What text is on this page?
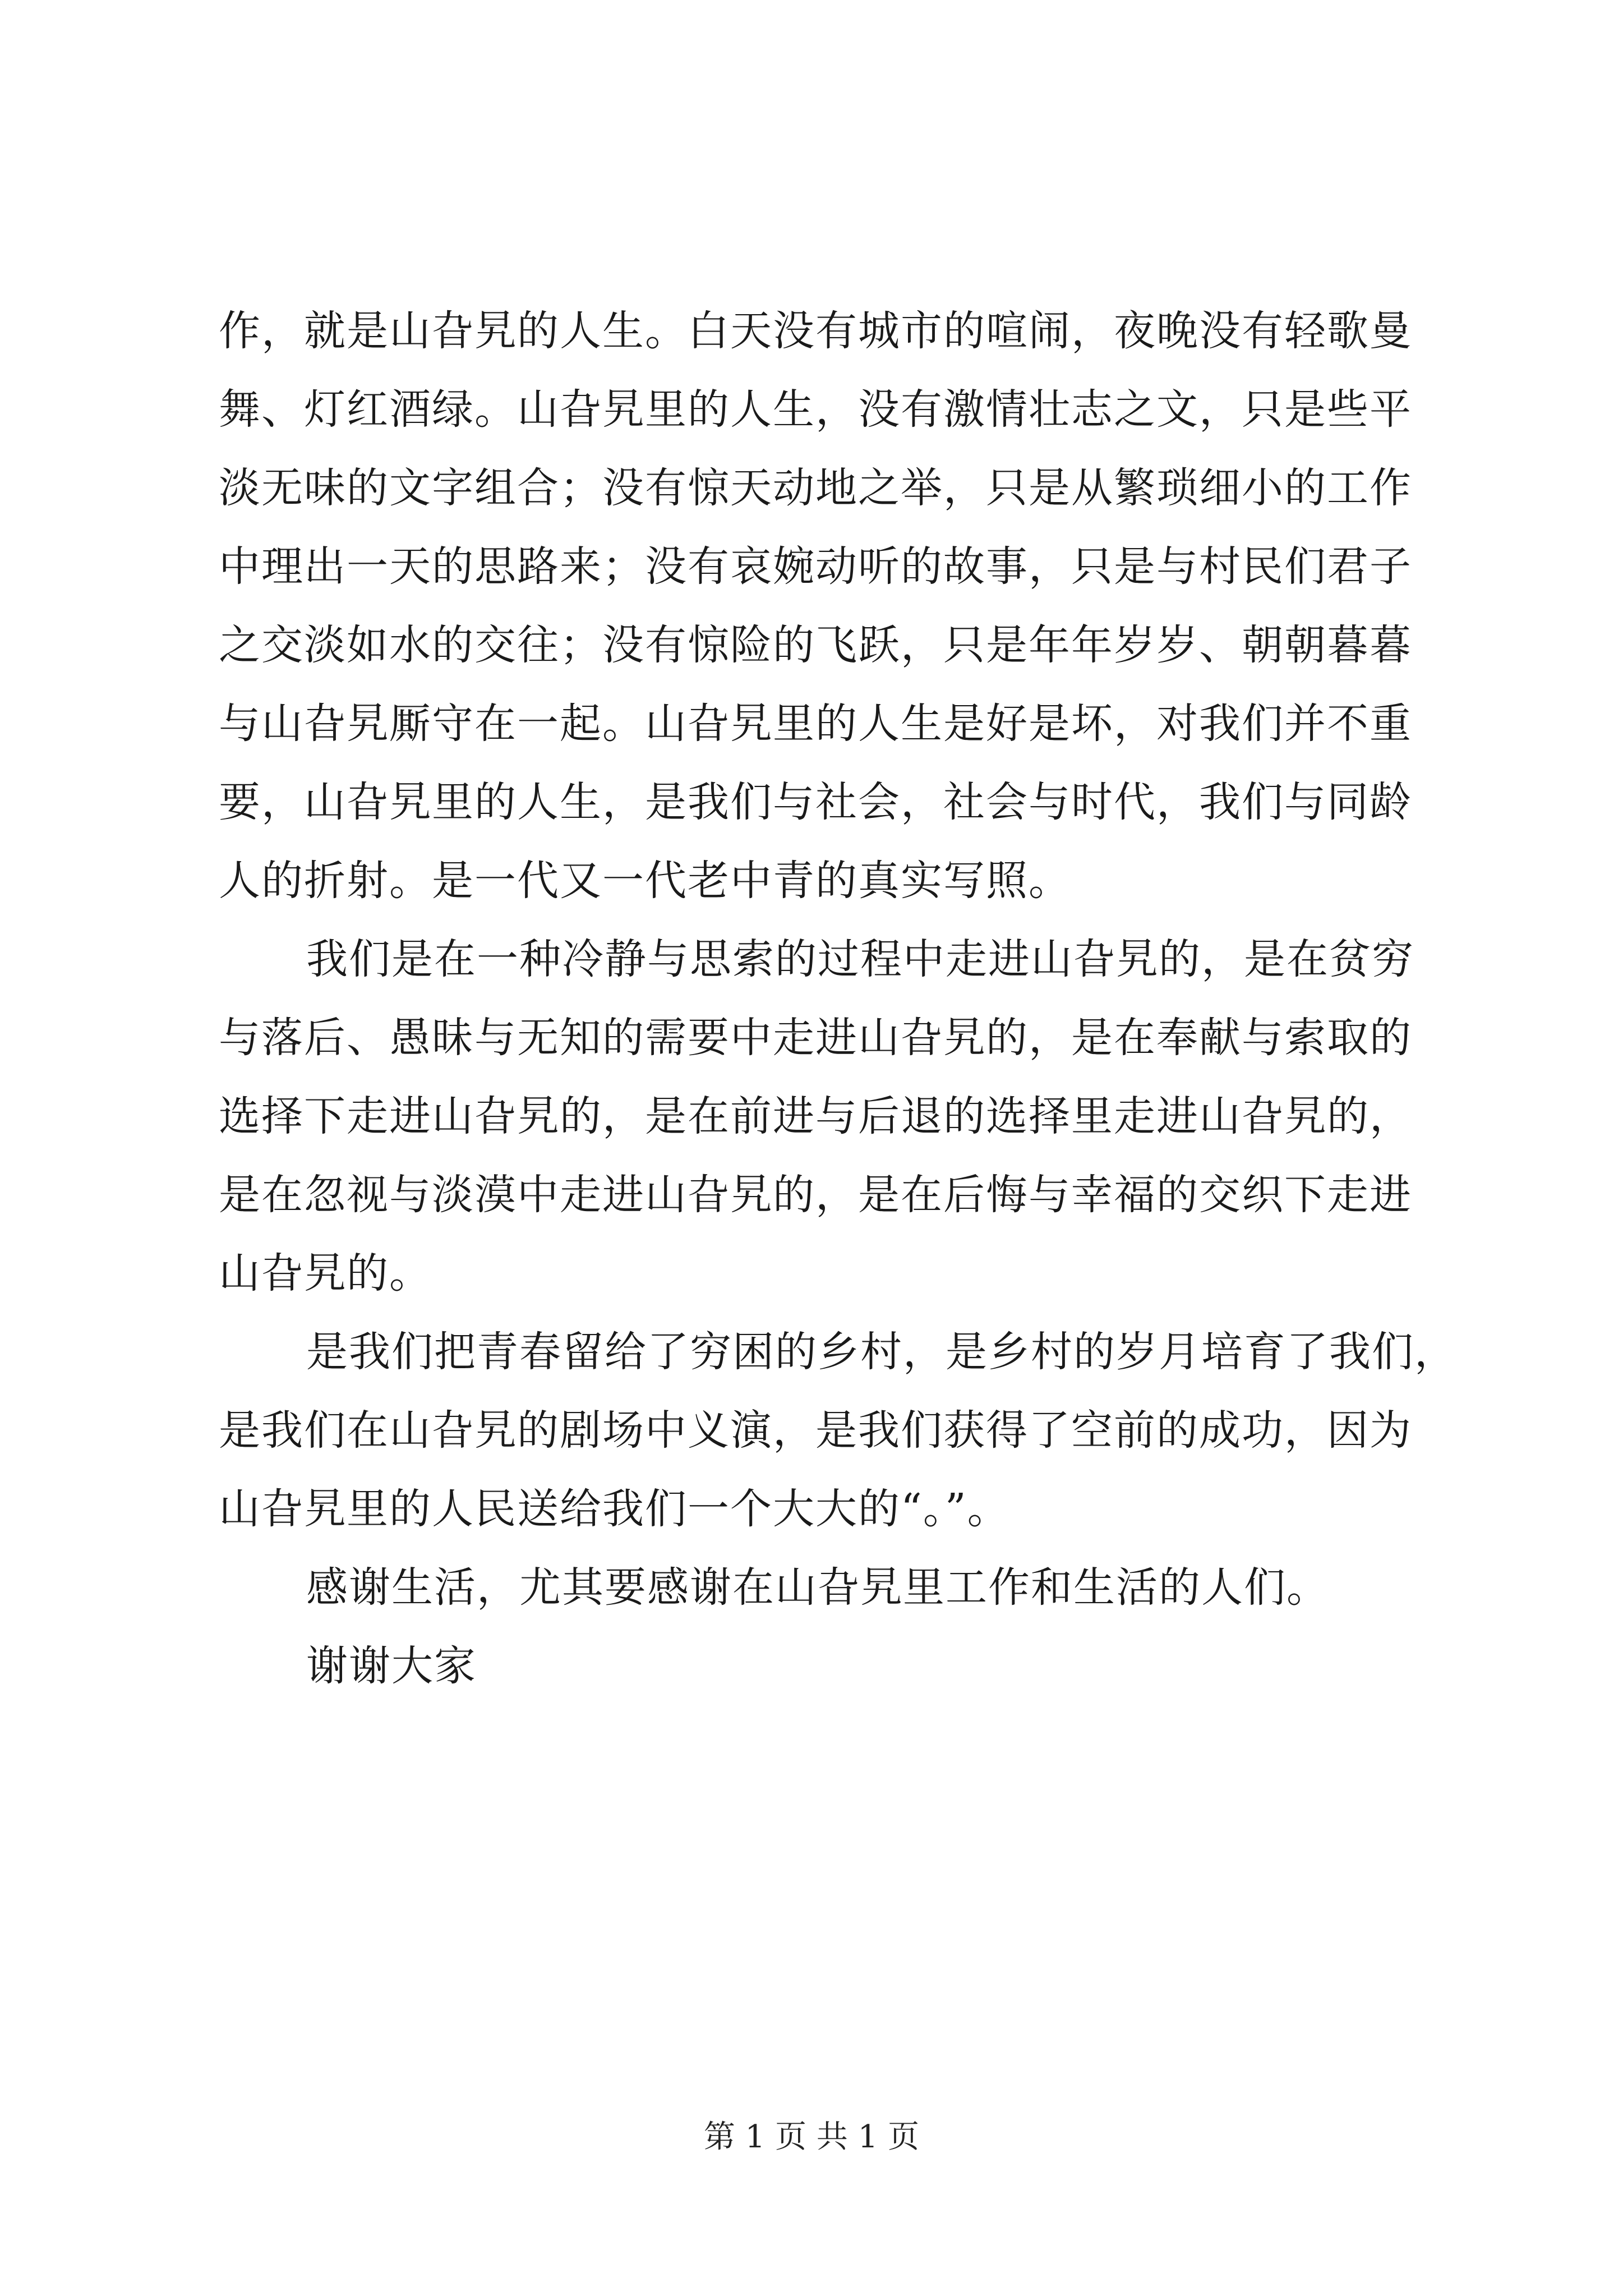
作，就是山旮旯的人生。白天没有城市的喧闹，夜晚没有轻歌曼
舞、灯红酒绿。山旮旯里的人生，没有激情壮志之文，只是些平
淡无味的文字组合；没有惊天动地之举，只是从繁琐细小的工作
中理出一天的思路来；没有哀婉动听的故事，只是与村民们君子
之交淡如水的交往；没有惊险的飞跃，只是年年岁岁、朝朝暮暮
与山旮旯厮守在一起。山旮旯里的人生是好是坏，对我们并不重
要，山旮旯里的人生，是我们与社会，社会与时代，我们与同龄
人的折射。是一代又一代老中青的真实写照。
我们是在一种冷静与思索的过程中走进山旮旯的，是在贫穷
与落后、愚昧与无知的需要中走进山旮旯的，是在奉献与索取的
选择下走进山旮旯的，是在前进与后退的选择里走进山旮旯的，
是在忽视与淡漠中走进山旮旯的，是在后悔与幸福的交织下走进
山旮旯的。
是我们把青春留给了穷困的乡村，是乡村的岁月培育了我们，
是我们在山旮旯的剧场中义演，是我们获得了空前的成功，因为
山旮旯里的人民送给我们一个大大的“。”。
感谢生活，尤其要感谢在山旮旯里工作和生活的人们。
谢谢大家
第 1 页 共 1 页
